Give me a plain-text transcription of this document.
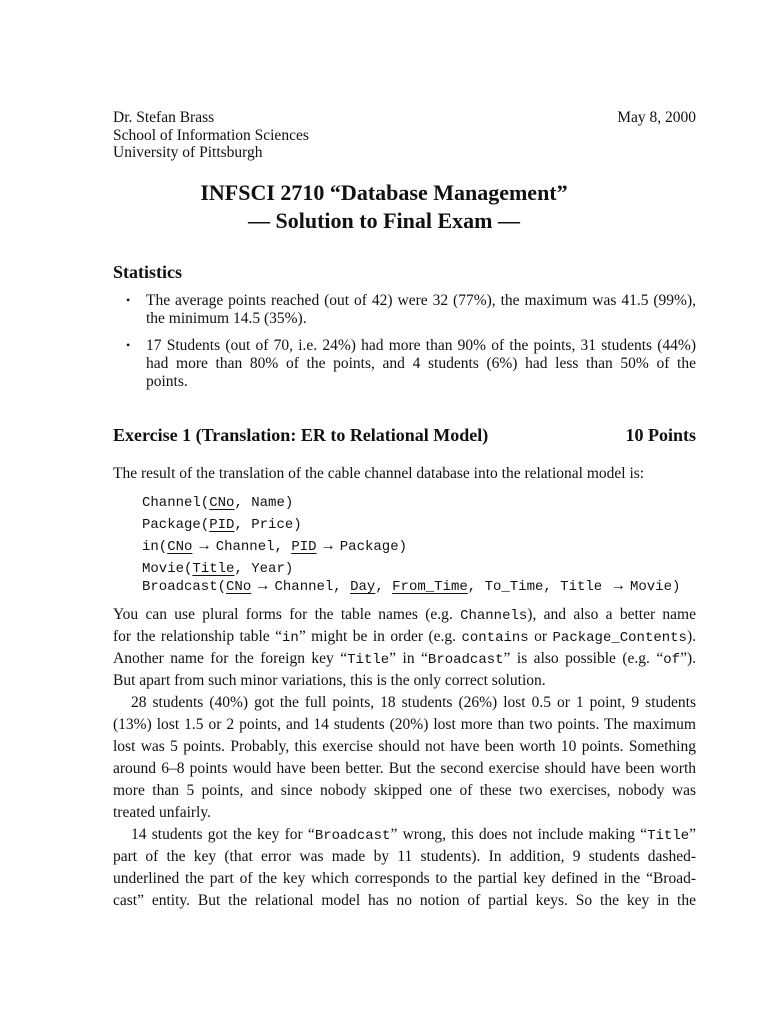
Dr. Stefan Brass
School of Information Sciences
University of Pittsburgh
May 8, 2000
INFSCI 2710 “Database Management”
— Solution to Final Exam —
Statistics
•
•
Exercise 1 (Translation: ER to Relational Model)	10 Points
The average points reached (out of 42) were 32 (77%), the maximum was 41.5 (99%),
the minimum 14.5 (35%).
17 Students (out of 70, i.e. 24%) had more than 90% of the points, 31 students (44%)
had more than 80% of the points, and 4 students (6%) had less than 50% of the
points.
The result of the translation of the cable channel database into the relational model is:
Channel(CNo, Name)
Package(PID, Price)
in(CNo → Channel, PID → Package)
Movie(Title, Year)
Broadcast(CNo → Channel, Day, From_Time, To_Time, Title → Movie)
You can use plural forms for the table names (e.g. Channels), and also a better name
for the relationship table “in” might be in order (e.g. contains or Package_Contents).
Another name for the foreign key “Title” in “Broadcast” is also possible (e.g. “of”).
But apart from such minor variations, this is the only correct solution.
28 students (40%) got the full points, 18 students (26%) lost 0.5 or 1 point, 9 students
(13%) lost 1.5 or 2 points, and 14 students (20%) lost more than two points. The maximum
lost was 5 points. Probably, this exercise should not have been worth 10 points. Something
around 6–8 points would have been better. But the second exercise should have been worth
more than 5 points, and since nobody skipped one of these two exercises, nobody was
treated unfairly.
14 students got the key for “Broadcast” wrong, this does not include making “Title”
part of the key (that error was made by 11 students). In addition, 9 students dashed-
underlined the part of the key which corresponds to the partial key defined in the “Broad-
cast” entity. But the relational model has no notion of partial keys. So the key in the
